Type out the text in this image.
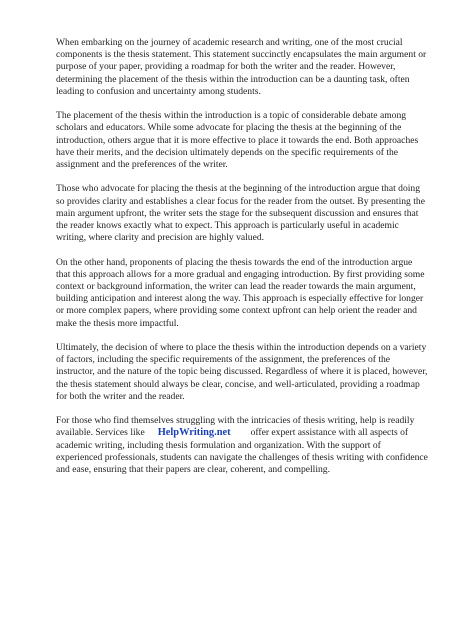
When embarking on the journey of academic research and writing, one of the most crucial components is the thesis statement. This statement succinctly encapsulates the main argument or purpose of your paper, providing a roadmap for both the writer and the reader. However, determining the placement of the thesis within the introduction can be a daunting task, often leading to confusion and uncertainty among students.

The placement of the thesis within the introduction is a topic of considerable debate among scholars and educators. While some advocate for placing the thesis at the beginning of the introduction, others argue that it is more effective to place it towards the end. Both approaches have their merits, and the decision ultimately depends on the specific requirements of the assignment and the preferences of the writer.

Those who advocate for placing the thesis at the beginning of the introduction argue that doing so provides clarity and establishes a clear focus for the reader from the outset. By presenting the main argument upfront, the writer sets the stage for the subsequent discussion and ensures that the reader knows exactly what to expect. This approach is particularly useful in academic writing, where clarity and precision are highly valued.

On the other hand, proponents of placing the thesis towards the end of the introduction argue that this approach allows for a more gradual and engaging introduction. By first providing some context or background information, the writer can lead the reader towards the main argument, building anticipation and interest along the way. This approach is especially effective for longer or more complex papers, where providing some context upfront can help orient the reader and make the thesis more impactful.

Ultimately, the decision of where to place the thesis within the introduction depends on a variety of factors, including the specific requirements of the assignment, the preferences of the instructor, and the nature of the topic being discussed. Regardless of where it is placed, however, the thesis statement should always be clear, concise, and well-articulated, providing a roadmap for both the writer and the reader.

For those who find themselves struggling with the intricacies of thesis writing, help is readily available. Services like HelpWriting.net offer expert assistance with all aspects of academic writing, including thesis formulation and organization. With the support of experienced professionals, students can navigate the challenges of thesis writing with confidence and ease, ensuring that their papers are clear, coherent, and compelling.
